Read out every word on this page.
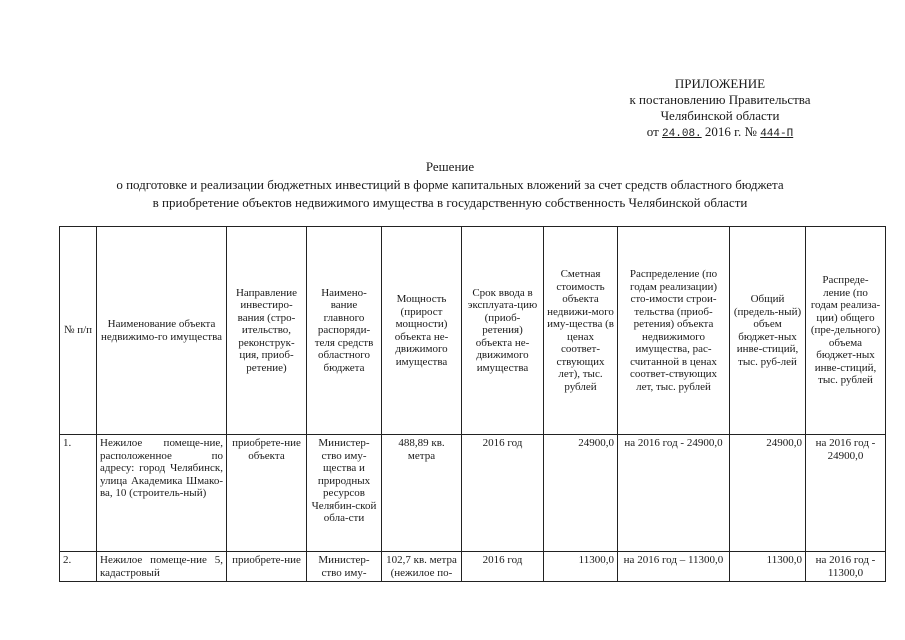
ПРИЛОЖЕНИЕ
к постановлению Правительства
Челябинской области
от 24.08. 2016 г. № 444-П
Решение
о подготовке и реализации бюджетных инвестиций в форме капитальных вложений за счет средств областного бюджета
в приобретение объектов недвижимого имущества в государственную собственность Челябинской области
№ п/п	Наименование объекта недвижимо-го имущества	Направление инвестиро-вания (стро-ительство, реконструк-ция, приоб-ретение)	Наимено-вание главного распоряди-теля средств областного бюджета	Мощность (прирост мощности) объекта не-движимого имущества	Срок ввода в эксплуата-цию (приоб-ретения) объекта не-движимого имущества	Сметная стоимость объекта недвижи-мого иму-щества (в ценах соответ-ствующих лет), тыс. рублей	Распределение (по годам реализации) сто-имости строи-тельства (приоб-ретения) объекта недвижимого имущества, рас-считанной в ценах соответ-ствующих лет, тыс. рублей	Общий (предель-ный) объем бюджет-ных инве-стиций, тыс. руб-лей	Распреде-ление (по годам реализа-ции) общего (пре-дельного) объема бюджет-ных инве-стиций, тыс. рублей
1.	Нежилое помеще-ние, расположенное по адресу: город Челябинск, улица Академика Шмако-ва, 10 (строитель-ный)	приобрете-ние объекта	Министер-ство иму-щества и природных ресурсов Челябин-ской обла-сти	488,89 кв. метра	2016 год	24900,0	на 2016 год - 24900,0	24900,0	на 2016 год - 24900,0
2.	Нежилое помеще-ние 5, кадастровый	приобрете-ние	Министер-ство иму-	102,7 кв. метра (нежилое по-	2016 год	11300,0	на 2016 год – 11300,0	11300,0	на 2016 год - 11300,0
